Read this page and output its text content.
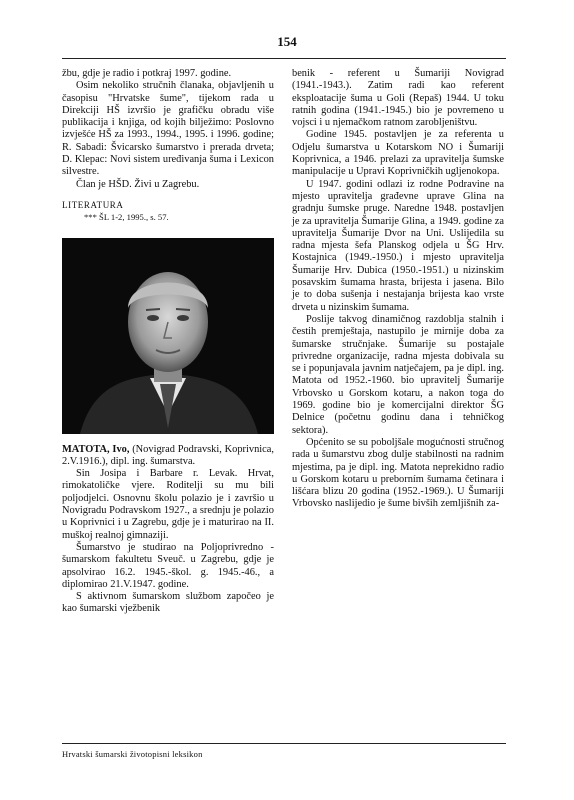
154

žbu, gdje je radio i potkraj 1997. godine.

Osim nekoliko stručnih članaka, objavljenih u časopisu "Hrvatske šume", tijekom rada u Direkciji HŠ izvršio je grafičku obradu više publikacija i knjiga, od kojih bilježimo: Poslovno izvješće HŠ za 1993., 1994., 1995. i 1996. godine; R. Sabadi: Švicarsko šumarstvo i prerada drveta; D. Klepac: Novi sistem uređivanja šuma i Lexicon silvestre.

Član je HŠD. Živi u Zagrebu.

LITERATURA

*** ŠL 1-2, 1995., s. 57.

MATOTA, Ivo, (Novigrad Podravski, Koprivnica, 2.V.1916.), dipl. ing. šumarstva.

Sin Josipa i Barbare r. Levak. Hrvat, rimokatoličke vjere. Roditelji su mu bili poljodjelci. Osnovnu školu polazio je i završio u Novigradu Podravskom 1927., a srednju je polazio u Koprivnici i u Zagrebu, gdje je i maturirao na II. muškoj realnoj gimnaziji.

Šumarstvo je studirao na Poljoprivredno - šumarskom fakultetu Sveuč. u Zagrebu, gdje je apsolvirao 16.2. 1945.-škol. g. 1945.-46., a diplomirao 21.V.1947. godine.

S aktivnom šumarskom službom započeo je kao šumarski vježbenik

benik - referent u Šumariji Novigrad (1941.-1943.). Zatim radi kao referent eksploatacije šuma u Goli (Repaš) 1944. U toku ratnih godina (1941.-1945.) bio je povremeno u vojsci i u njemačkom ratnom zarobljeništvu.

Godine 1945. postavljen je za referenta u Odjelu šumarstva u Kotarskom NO i Šumariji Koprivnica, a 1946. prelazi za upravitelja šumske manipulacije u Upravi Koprivničkih ugljenokopa.

U 1947. godini odlazi iz rodne Podravine na mjesto upravitelja građevne uprave Glina na gradnju šumske pruge. Naredne 1948. postavljen je za upravitelja Šumarije Glina, a 1949. godine za upravitelja Šumarije Dvor na Uni. Uslijedila su radna mjesta šefa Planskog odjela u ŠG Hrv. Kostajnica (1949.-1950.) i mjesto upravitelja Šumarije Hrv. Dubica (1950.-1951.) u nizinskim posavskim šumama hrasta, brijesta i jasena. Bilo je to doba sušenja i nestajanja brijesta kao vrste drveta u nizinskim šumama.

Poslije takvog dinamičnog razdoblja stalnih i čestih premještaja, nastupilo je mirnije doba za šumarske stručnjake. Šumarije su postajale privredne organizacije, radna mjesta dobivala su se i popunjavala javnim natječajem, pa je dipl. ing. Matota od 1952.-1960. bio upravitelj Šumarije Vrbovsko u Gorskom kotaru, a nakon toga do 1969. godine bio je komercijalni direktor ŠG Delnice (početnu godinu dana i tehničkog sektora).

Općenito se su poboljšale mogućnosti stručnog rada u šumarstvu zbog dulje stabilnosti na radnim mjestima, pa je dipl. ing. Matota neprekidno radio u Gorskom kotaru u preborním šumama četinara i lišćara blizu 20 godina (1952.-1969.). U Šumariji Vrbovsko naslijedio je šume bivših zemljišnih za-

Hrvatski šumarski životopisni leksikon
